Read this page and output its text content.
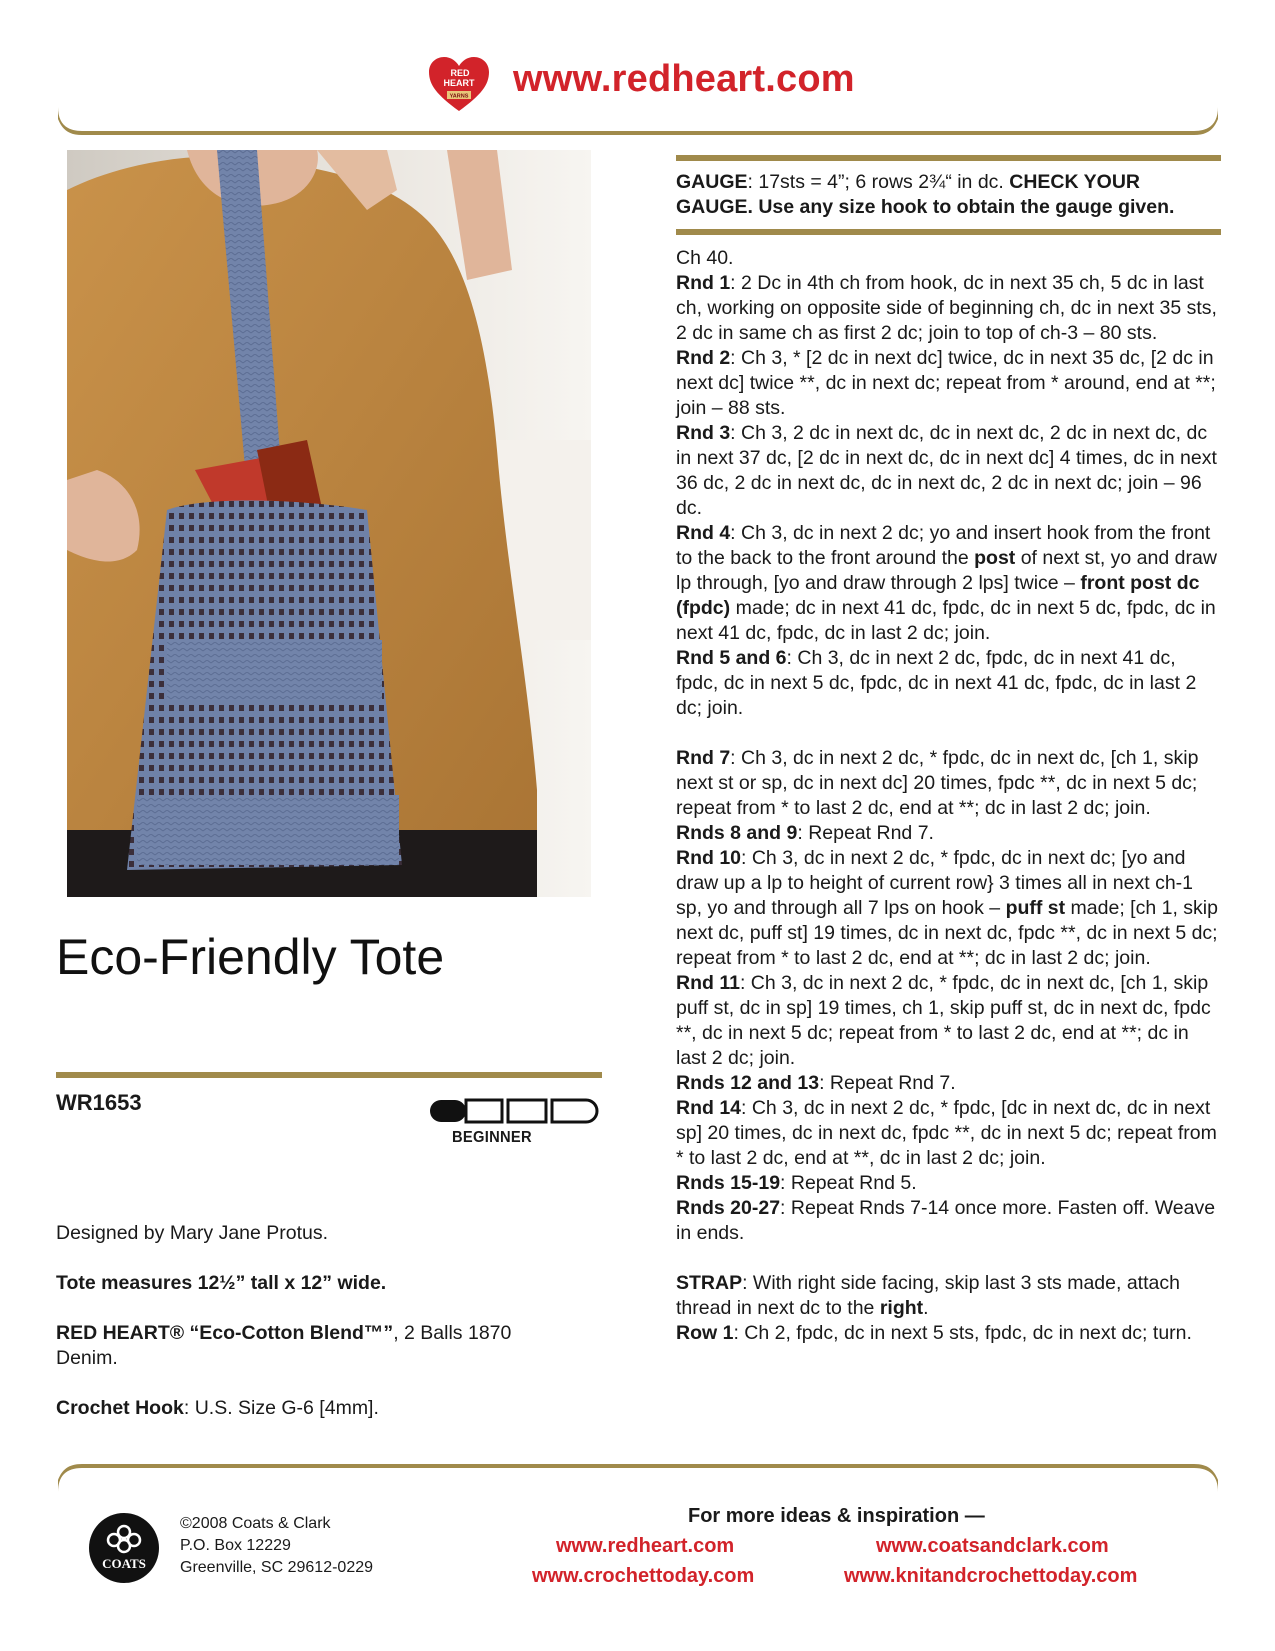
RED
HEART
YARNS www.redheart.com
GAUGE: 17sts = 4”; 6 rows 2¾“ in dc. CHECK YOUR GAUGE. Use any size hook to obtain the gauge given.

Ch 40.

Rnd 1: 2 Dc in 4th ch from hook, dc in next 35 ch, 5 dc in last ch, working on opposite side of beginning ch, dc in next 35 sts, 2 dc in same ch as first 2 dc; join to top of ch-3 – 80 sts.

Rnd 2: Ch 3, * [2 dc in next dc] twice, dc in next 35 dc, [2 dc in next dc] twice **, dc in next dc; repeat from * around, end at **; join – 88 sts.

Rnd 3: Ch 3, 2 dc in next dc, dc in next dc, 2 dc in next dc, dc in next 37 dc, [2 dc in next dc, dc in next dc] 4 times, dc in next 36 dc, 2 dc in next dc, dc in next dc, 2 dc in next dc; join – 96 dc.

Rnd 4: Ch 3, dc in next 2 dc; yo and insert hook from the front to the back to the front around the post of next st, yo and draw lp through, [yo and draw through 2 lps] twice – front post dc (fpdc) made; dc in next 41 dc, fpdc, dc in next 5 dc, fpdc, dc in next 41 dc, fpdc, dc in last 2 dc; join.

Rnd 5 and 6: Ch 3, dc in next 2 dc, fpdc, dc in next 41 dc, fpdc, dc in next 5 dc, fpdc, dc in next 41 dc, fpdc, dc in last 2 dc; join.

Rnd 7: Ch 3, dc in next 2 dc, * fpdc, dc in next dc, [ch 1, skip next st or sp, dc in next dc] 20 times, fpdc **, dc in next 5 dc; repeat from * to last 2 dc, end at **; dc in last 2 dc; join.

Rnds 8 and 9: Repeat Rnd 7.

Rnd 10: Ch 3, dc in next 2 dc, * fpdc, dc in next dc; [yo and draw up a lp to height of current row} 3 times all in next ch-1 sp, yo and through all 7 lps on hook – puff st made; [ch 1, skip next dc, puff st] 19 times, dc in next dc, fpdc **, dc in next 5 dc; repeat from * to last 2 dc, end at **; dc in last 2 dc; join.

Rnd 11: Ch 3, dc in next 2 dc, * fpdc, dc in next dc, [ch 1, skip puff st, dc in sp] 19 times, ch 1, skip puff st, dc in next dc, fpdc **, dc in next 5 dc; repeat from * to last 2 dc, end at **; dc in last 2 dc; join.

Rnds 12 and 13: Repeat Rnd 7.

Rnd 14: Ch 3, dc in next 2 dc, * fpdc, [dc in next dc, dc in next sp] 20 times, dc in next dc, fpdc **, dc in next 5 dc; repeat from * to last 2 dc, end at **, dc in last 2 dc; join.

Rnds 15-19: Repeat Rnd 5.

Rnds 20-27: Repeat Rnds 7-14 once more. Fasten off. Weave in ends.

STRAP: With right side facing, skip last 3 sts made, attach thread in next dc to the right.

Row 1: Ch 2, fpdc, dc in next 5 sts, fpdc, dc in next dc; turn.

Eco-Friendly Tote
WR1653
BEGINNER
Designed by Mary Jane Protus.
Tote measures 12½” tall x 12” wide.
RED HEART® “Eco-Cotton Blend™”, 2 Balls 1870 Denim.
Crochet Hook: U.S. Size G-6 [4mm].
COATS
©2008 Coats & Clark
P.O. Box 12229
Greenville, SC 29612-0229
For more ideas & inspiration —
www.redheart.com	www.coatsandclark.com
www.crochettoday.com	www.knitandcrochettoday.com
